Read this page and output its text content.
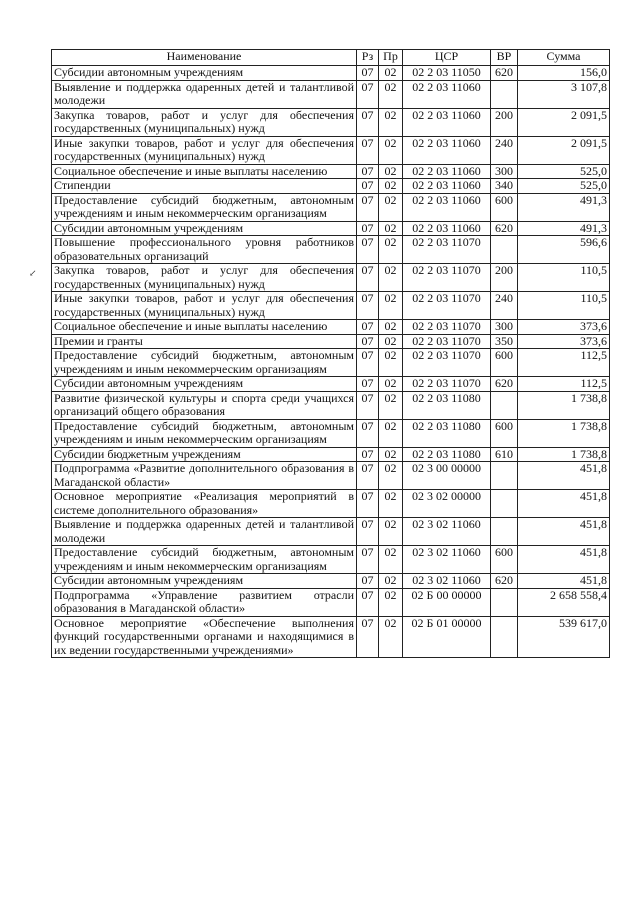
↙
Наименование	Рз	Пр	ЦСР	ВР	Сумма
Субсидии автономным учреждениям	07	02	02 2 03 11050	620	156,0
Выявление и поддержка одаренных детей и талантливой молодежи	07	02	02 2 03 11060		3 107,8
Закупка товаров, работ и услуг для обеспечения государственных (муниципальных) нужд	07	02	02 2 03 11060	200	2 091,5
Иные закупки товаров, работ и услуг для обеспечения государственных (муниципальных) нужд	07	02	02 2 03 11060	240	2 091,5
Социальное обеспечение и иные выплаты населению	07	02	02 2 03 11060	300	525,0
Стипендии	07	02	02 2 03 11060	340	525,0
Предоставление субсидий бюджетным, автономным учреждениям и иным некоммерческим организациям	07	02	02 2 03 11060	600	491,3
Субсидии автономным учреждениям	07	02	02 2 03 11060	620	491,3
Повышение профессионального уровня работников образовательных организаций	07	02	02 2 03 11070		596,6
Закупка товаров, работ и услуг для обеспечения государственных (муниципальных) нужд	07	02	02 2 03 11070	200	110,5
Иные закупки товаров, работ и услуг для обеспечения государственных (муниципальных) нужд	07	02	02 2 03 11070	240	110,5
Социальное обеспечение и иные выплаты населению	07	02	02 2 03 11070	300	373,6
Премии и гранты	07	02	02 2 03 11070	350	373,6
Предоставление субсидий бюджетным, автономным учреждениям и иным некоммерческим организациям	07	02	02 2 03 11070	600	112,5
Субсидии автономным учреждениям	07	02	02 2 03 11070	620	112,5
Развитие физической культуры и спорта среди учащихся организаций общего образования	07	02	02 2 03 11080		1 738,8
Предоставление субсидий бюджетным, автономным учреждениям и иным некоммерческим организациям	07	02	02 2 03 11080	600	1 738,8
Субсидии бюджетным учреждениям	07	02	02 2 03 11080	610	1 738,8
Подпрограмма «Развитие дополнительного образования в Магаданской области»	07	02	02 3 00 00000		451,8
Основное мероприятие «Реализация мероприятий в системе дополнительного образования»	07	02	02 3 02 00000		451,8
Выявление и поддержка одаренных детей и талантливой молодежи	07	02	02 3 02 11060		451,8
Предоставление субсидий бюджетным, автономным учреждениям и иным некоммерческим организациям	07	02	02 3 02 11060	600	451,8
Субсидии автономным учреждениям	07	02	02 3 02 11060	620	451,8
Подпрограмма «Управление развитием отрасли образования в Магаданской области»	07	02	02 Б 00 00000		2 658 558,4
Основное мероприятие «Обеспечение выполнения функций государственными органами и находящимися в их ведении государственными учреждениями»	07	02	02 Б 01 00000		539 617,0
